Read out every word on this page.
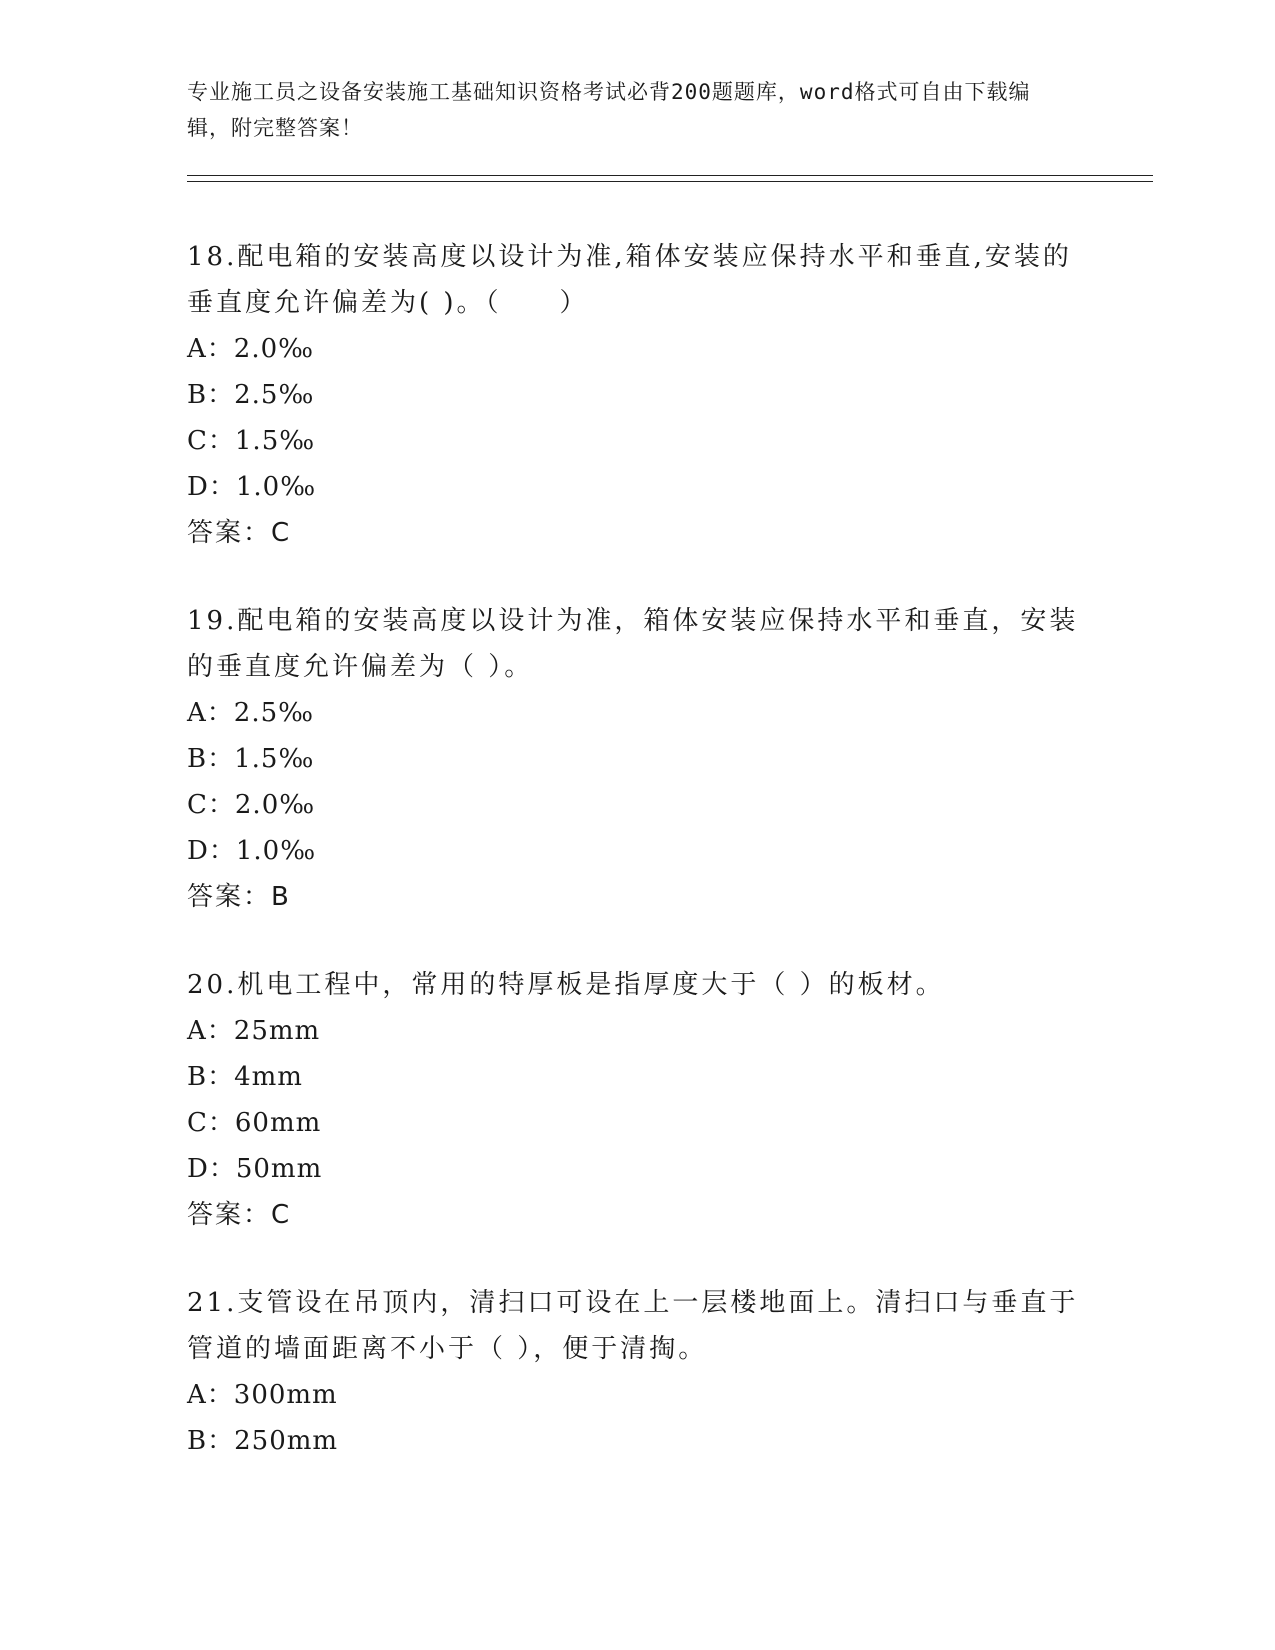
专业施工员之设备安装施工基础知识资格考试必背200题题库，word格式可自由下载编辑，附完整答案！

18.配电箱的安装高度以设计为准,箱体安装应保持水平和垂直,安装的垂直度允许偏差为( )。（　　）

A：2.0‰

B：2.5‰

C：1.5‰

D：1.0‰

答案：C

19.配电箱的安装高度以设计为准，箱体安装应保持水平和垂直，安装的垂直度允许偏差为（ ）。

A：2.5‰

B：1.5‰

C：2.0‰

D：1.0‰

答案：B

20.机电工程中，常用的特厚板是指厚度大于（ ）的板材。

A：25mm

B：4mm

C：60mm

D：50mm

答案：C

21.支管设在吊顶内，清扫口可设在上一层楼地面上。清扫口与垂直于管道的墙面距离不小于（ ），便于清掏。

A：300mm

B：250mm
